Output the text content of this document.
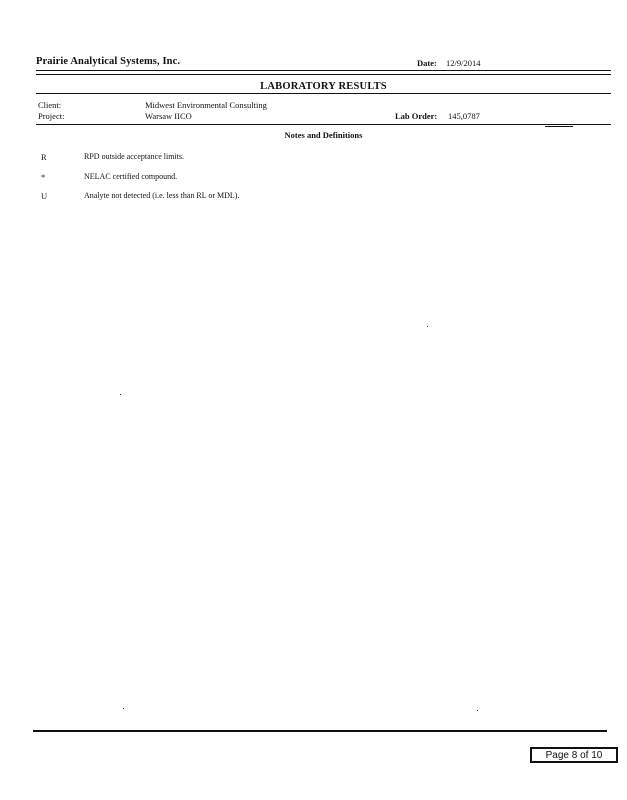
Prairie Analytical Systems, Inc.	Date: 12/9/2014
LABORATORY RESULTS
Client:	Midwest Environmental Consulting
Project:	Warsaw IICO	Lab Order: 145,0787
Notes and Definitions
R	RPD outside acceptance limits.
*	NELAC certified compound.
U	Analyte not detected (i.e. less than RL or MDL).
Page 8 of 10
